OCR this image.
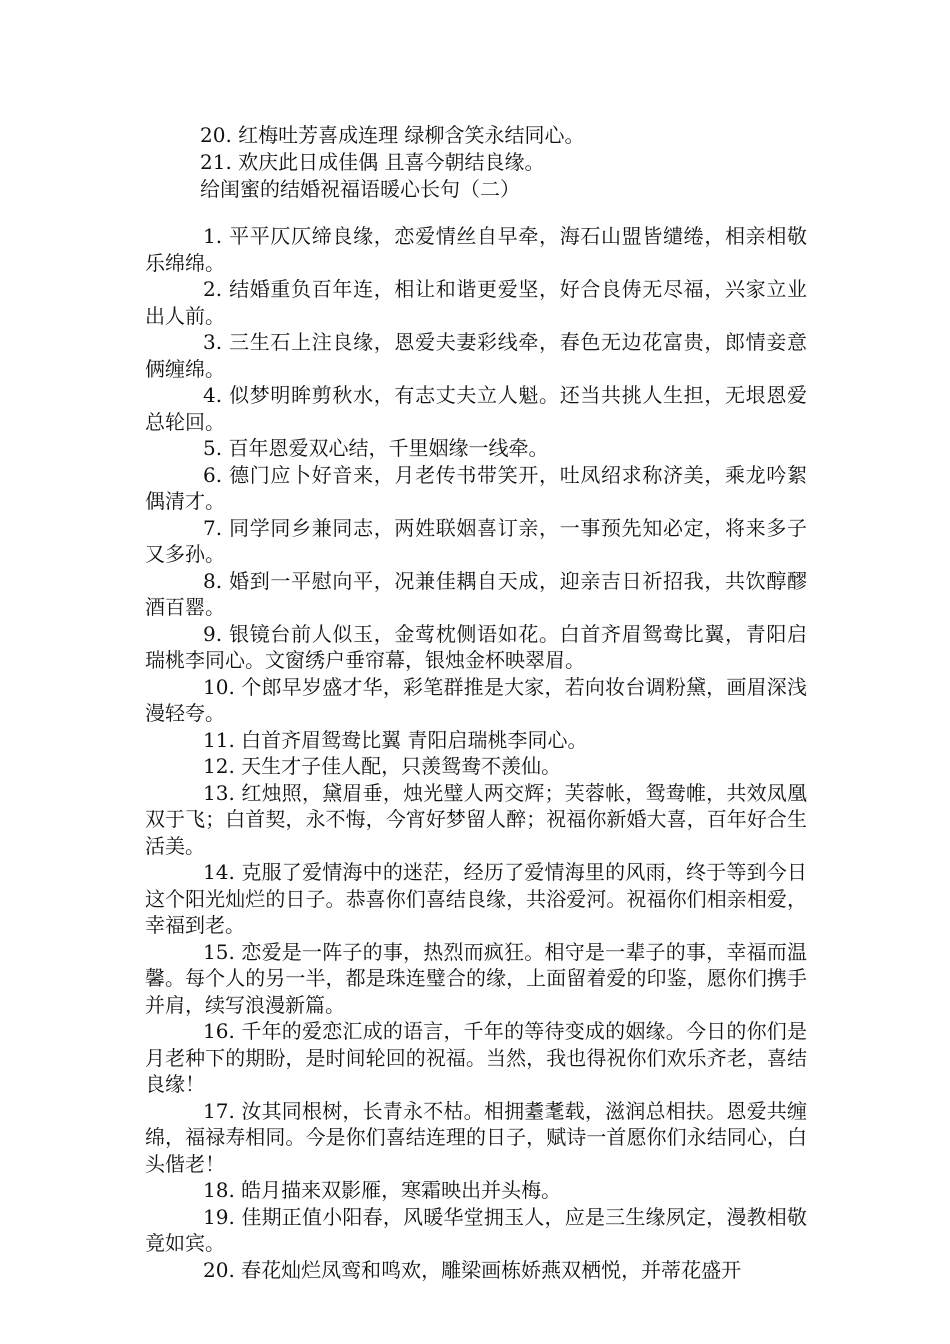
20. 红梅吐芳喜成连理 绿柳含笑永结同心。
21. 欢庆此日成佳偶 且喜今朝结良缘。
给闺蜜的结婚祝福语暖心长句（二）

1. 平平仄仄缔良缘，恋爱情丝自早牵，海石山盟皆缱绻，相亲相敬乐绵绵。

2. 结婚重负百年连，相让和谐更爱坚，好合良俦无尽福，兴家立业出人前。

3. 三生石上注良缘，恩爱夫妻彩线牵，春色无边花富贵，郎情妾意俩缠绵。

4. 似梦明眸剪秋水，有志丈夫立人魁。还当共挑人生担，无垠恩爱总轮回。

5. 百年恩爱双心结，千里姻缘一线牵。

6. 德门应卜好音来，月老传书带笑开，吐凤绍求称济美，乘龙吟絮偶清才。

7. 同学同乡兼同志，两姓联姻喜订亲，一事预先知必定，将来多子又多孙。

8. 婚到一平慰向平，况兼佳耦自天成，迎亲吉日祈招我，共饮醇醪酒百罂。

9. 银镜台前人似玉，金莺枕侧语如花。白首齐眉鸳鸯比翼，青阳启瑞桃李同心。文窗绣户垂帘幕，银烛金杯映翠眉。

10. 个郎早岁盛才华，彩笔群推是大家，若向妆台调粉黛，画眉深浅漫轻夸。

11. 白首齐眉鸳鸯比翼 青阳启瑞桃李同心。

12. 天生才子佳人配，只羡鸳鸯不羡仙。

13. 红烛照，黛眉垂，烛光璧人两交辉；芙蓉帐，鸳鸯帷，共效凤凰双于飞；白首契，永不悔，今宵好梦留人醉；祝福你新婚大喜，百年好合生活美。

14. 克服了爱情海中的迷茫，经历了爱情海里的风雨，终于等到今日这个阳光灿烂的日子。恭喜你们喜结良缘，共浴爱河。祝福你们相亲相爱，幸福到老。

15. 恋爱是一阵子的事，热烈而疯狂。相守是一辈子的事，幸福而温馨。每个人的另一半，都是珠连璧合的缘，上面留着爱的印鉴，愿你们携手并肩，续写浪漫新篇。

16. 千年的爱恋汇成的语言，千年的等待变成的姻缘。今日的你们是月老种下的期盼，是时间轮回的祝福。当然，我也得祝你们欢乐齐老，喜结良缘！

17. 汝其同根树，长青永不枯。相拥耋耄载，滋润总相扶。恩爱共缠绵，福禄寿相同。今是你们喜结连理的日子，赋诗一首愿你们永结同心，白头偕老！

18. 皓月描来双影雁，寒霜映出并头梅。

19. 佳期正值小阳春，风暖华堂拥玉人，应是三生缘夙定，漫教相敬竟如宾。

20. 春花灿烂凤鸾和鸣欢，雕梁画栋娇燕双栖悦，并蒂花盛开
